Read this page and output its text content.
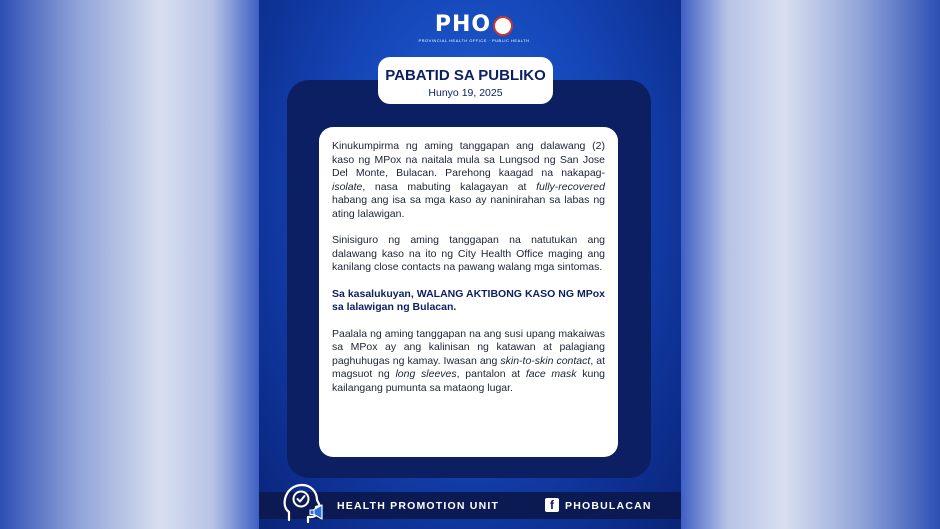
PHO
PROVINCIAL HEALTH OFFICE · PUBLIC HEALTH
PABATID SA PUBLIKO
Hunyo 19, 2025

Kinukumpirma ng aming tanggapan ang dalawang (2) kaso ng MPox na naitala mula sa Lungsod ng San Jose Del Monte, Bulacan. Parehong kaagad na nakapag-isolate, nasa mabuting kalagayan at fully-recovered habang ang isa sa mga kaso ay naninirahan sa labas ng ating lalawigan.

Sinisiguro ng aming tanggapan na natutukan ang dalawang kaso na ito ng City Health Office maging ang kanilang close contacts na pawang walang mga sintomas.

Sa kasalukuyan, WALANG AKTIBONG KASO NG MPox sa lalawigan ng Bulacan.

Paalala ng aming tanggapan na ang susi upang makaiwas sa MPox ay ang kalinisan ng katawan at palagiang paghuhugas ng kamay. Iwasan ang skin-to-skin contact, at magsuot ng long sleeves, pantalon at face mask kung kailangang pumunta sa mataong lugar.

HEALTH PROMOTION UNIT	f	PHOBULACAN
